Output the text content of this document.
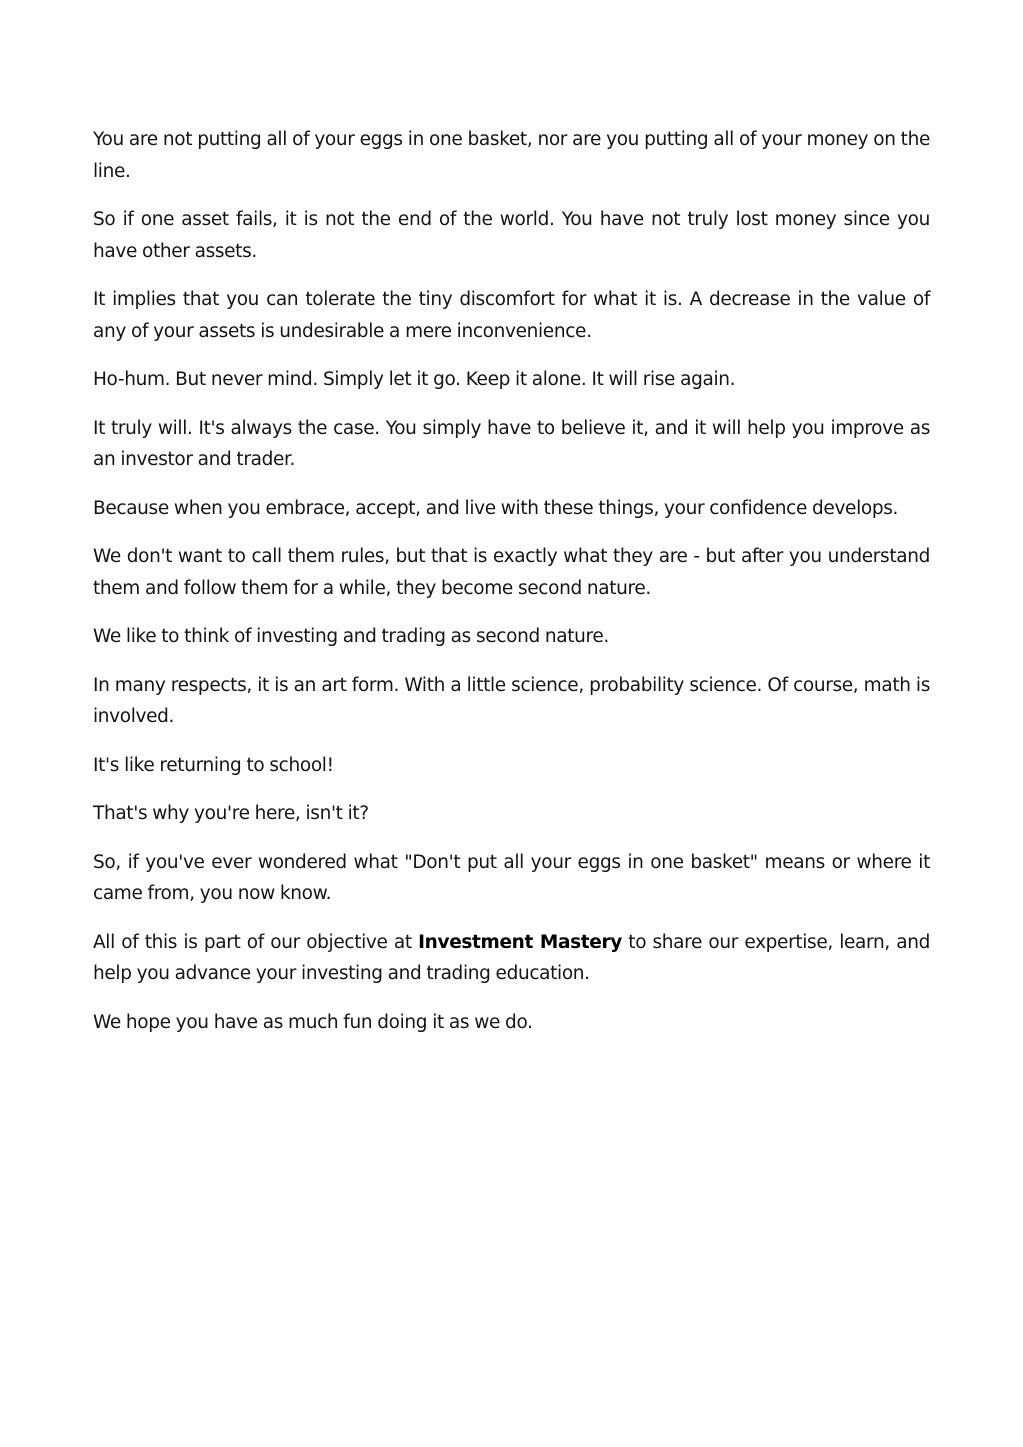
You are not putting all of your eggs in one basket, nor are you putting all of your money on the line.

So if one asset fails, it is not the end of the world. You have not truly lost money since you have other assets.

It implies that you can tolerate the tiny discomfort for what it is. A decrease in the value of any of your assets is undesirable a mere inconvenience.

Ho-hum. But never mind. Simply let it go. Keep it alone. It will rise again.

It truly will. It's always the case. You simply have to believe it, and it will help you improve as an investor and trader.

Because when you embrace, accept, and live with these things, your confidence develops.

We don't want to call them rules, but that is exactly what they are - but after you understand them and follow them for a while, they become second nature.

We like to think of investing and trading as second nature.

In many respects, it is an art form. With a little science, probability science. Of course, math is involved.

It's like returning to school!

That's why you're here, isn't it?

So, if you've ever wondered what "Don't put all your eggs in one basket" means or where it came from, you now know.

All of this is part of our objective at Investment Mastery to share our expertise, learn, and help you advance your investing and trading education.

We hope you have as much fun doing it as we do.
